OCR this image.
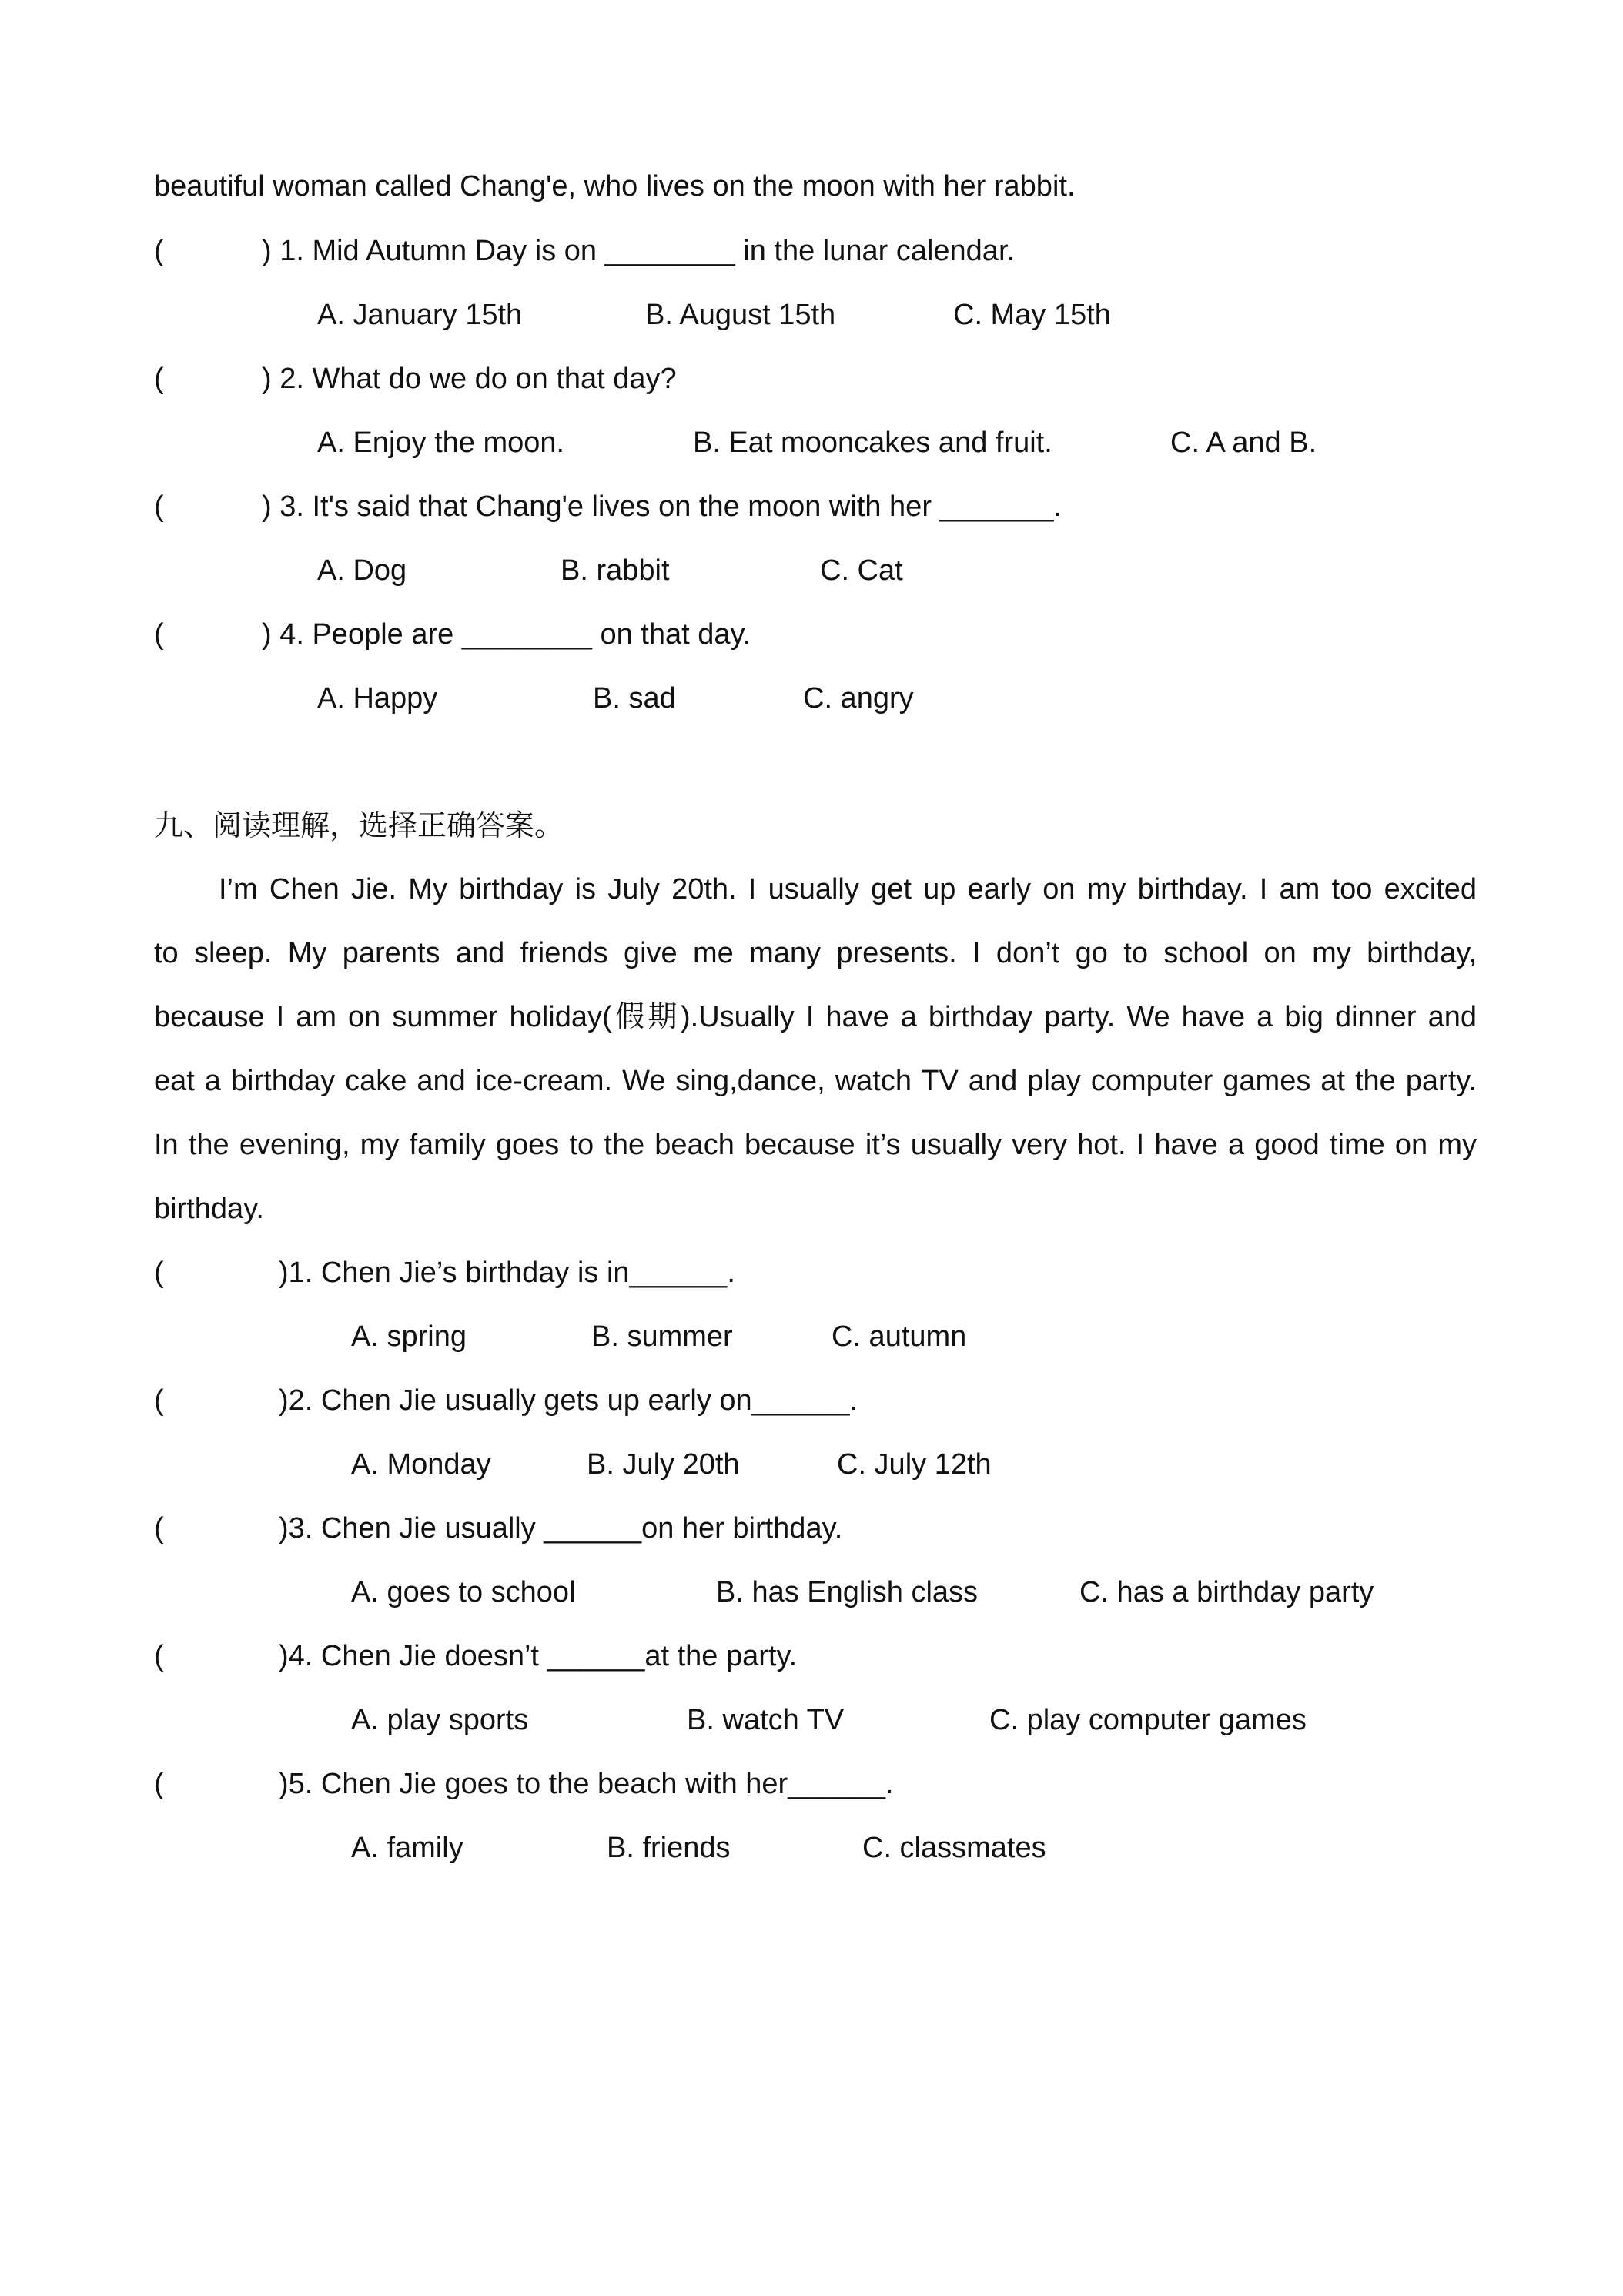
beautiful woman called Chang'e, who lives on the moon with her rabbit.
(	) 1. Mid Autumn Day is on ________ in the lunar calendar.
A. January 15th	B. August 15th	C. May 15th
(	) 2. What do we do on that day?
A. Enjoy the moon.	B. Eat mooncakes and fruit.	C. A and B.
(	) 3. It's said that Chang'e lives on the moon with her _______.
A. Dog	B. rabbit	C. Cat
(	) 4. People are ________ on that day.
A. Happy	B. sad	C. angry
九、阅读理解，选择正确答案。
I’m Chen Jie. My birthday is July 20th. I usually get up early on my birthday. I am too excited
to sleep. My parents and friends give me many presents. I don’t go to school on my birthday,
because I am on summer holiday(假期).Usually I have a birthday party. We have a big dinner and
eat a birthday cake and ice-cream. We sing,dance, watch TV and play computer games at the party.
In the evening, my family goes to the beach because it’s usually very hot. I have a good time on my
birthday.
(	)1. Chen Jie’s birthday is in______.
A. spring	B. summer	C. autumn
(	)2. Chen Jie usually gets up early on______.
A. Monday	B. July 20th	C. July 12th
(	)3. Chen Jie usually ______on her birthday.
A. goes to school	B. has English class	C. has a birthday party
(	)4. Chen Jie doesn’t ______at the party.
A. play sports	B. watch TV	C. play computer games
(	)5. Chen Jie goes to the beach with her______.
A. family	B. friends	C. classmates
